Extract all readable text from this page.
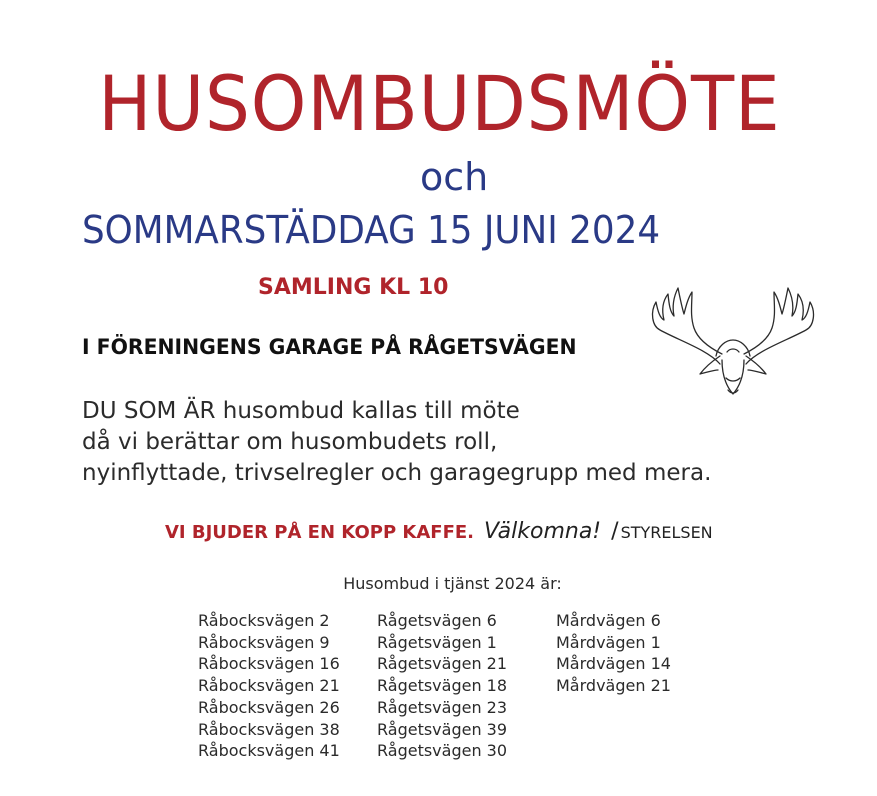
HUSOMBUDSMÖTE
och
SOMMARSTÄDDAG 15 JUNI 2024
SAMLING KL 10
I FÖRENINGENS GARAGE PÅ RÅGETSVÄGEN
DU SOM ÄR husombud kallas till möte
då vi berättar om husombudets roll,
nyinflyttade, trivselregler och garagegrupp med mera.
VI BJUDER PÅ EN KOPP KAFFE. Välkomna! / STYRELSEN
Husombud i tjänst 2024 är:
Råbocksvägen 2
Råbocksvägen 9
Råbocksvägen 16
Råbocksvägen 21
Råbocksvägen 26
Råbocksvägen 38
Råbocksvägen 41
Rågetsvägen 6
Rågetsvägen 1
Rågetsvägen 21
Rågetsvägen 18
Rågetsvägen 23
Rågetsvägen 39
Rågetsvägen 30
Mårdvägen 6
Mårdvägen 1
Mårdvägen 14
Mårdvägen 21
